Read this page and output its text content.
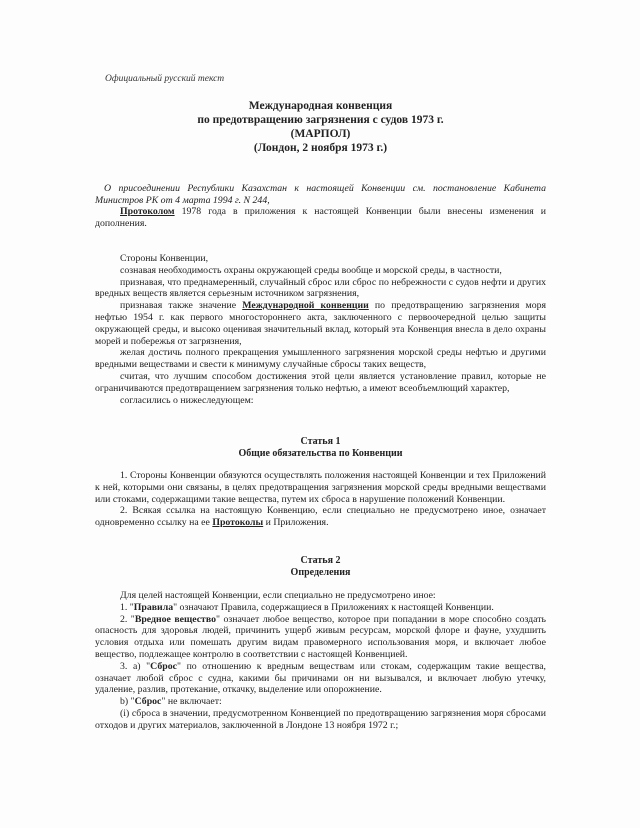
Официальный русский текст
Международная конвенция
по предотвращению загрязнения с судов 1973 г.
(МАРПОЛ)
(Лондон, 2 ноября 1973 г.)
О присоединении Республики Казахстан к настоящей Конвенции см. постановление Кабинета Министров РК от 4 марта 1994 г. N 244,

Протоколом 1978 года в приложения к настоящей Конвенции были внесены изменения и дополнения.

Стороны Конвенции,

сознавая необходимость охраны окружающей среды вообще и морской среды, в частности,

признавая, что преднамеренный, случайный сброс или сброс по небрежности с судов нефти и других вредных веществ является серьезным источником загрязнения,

признавая также значение Международной конвенции по предотвращению загрязнения моря нефтью 1954 г. как первого многостороннего акта, заключенного с первоочередной целью защиты окружающей среды, и высоко оценивая значительный вклад, который эта Конвенция внесла в дело охраны морей и побережья от загрязнения,

желая достичь полного прекращения умышленного загрязнения морской среды нефтью и другими вредными веществами и свести к минимуму случайные сбросы таких веществ,

считая, что лучшим способом достижения этой цели является установление правил, которые не ограничиваются предотвращением загрязнения только нефтью, а имеют всеобъемлющий характер,

согласились о нижеследующем:

Статья 1
Общие обязательства по Конвенции

1. Стороны Конвенции обязуются осуществлять положения настоящей Конвенции и тех Приложений к ней, которыми они связаны, в целях предотвращения загрязнения морской среды вредными веществами или стоками, содержащими такие вещества, путем их сброса в нарушение положений Конвенции.

2. Всякая ссылка на настоящую Конвенцию, если специально не предусмотрено иное, означает одновременно ссылку на ее Протоколы и Приложения.

Статья 2
Определения

Для целей настоящей Конвенции, если специально не предусмотрено иное:

1. "Правила" означают Правила, содержащиеся в Приложениях к настоящей Конвенции.

2. "Вредное вещество" означает любое вещество, которое при попадании в море способно создать опасность для здоровья людей, причинить ущерб живым ресурсам, морской флоре и фауне, ухудшить условия отдыха или помешать другим видам правомерного использования моря, и включает любое вещество, подлежащее контролю в соответствии с настоящей Конвенцией.

3. a) "Сброс" по отношению к вредным веществам или стокам, содержащим такие вещества, означает любой сброс с судна, какими бы причинами он ни вызывался, и включает любую утечку, удаление, разлив, протекание, откачку, выделение или опорожнение.

b) "Сброс" не включает:

(i) сброса в значении, предусмотренном Конвенцией по предотвращению загрязнения моря сбросами отходов и других материалов, заключенной в Лондоне 13 ноября 1972 г.;
